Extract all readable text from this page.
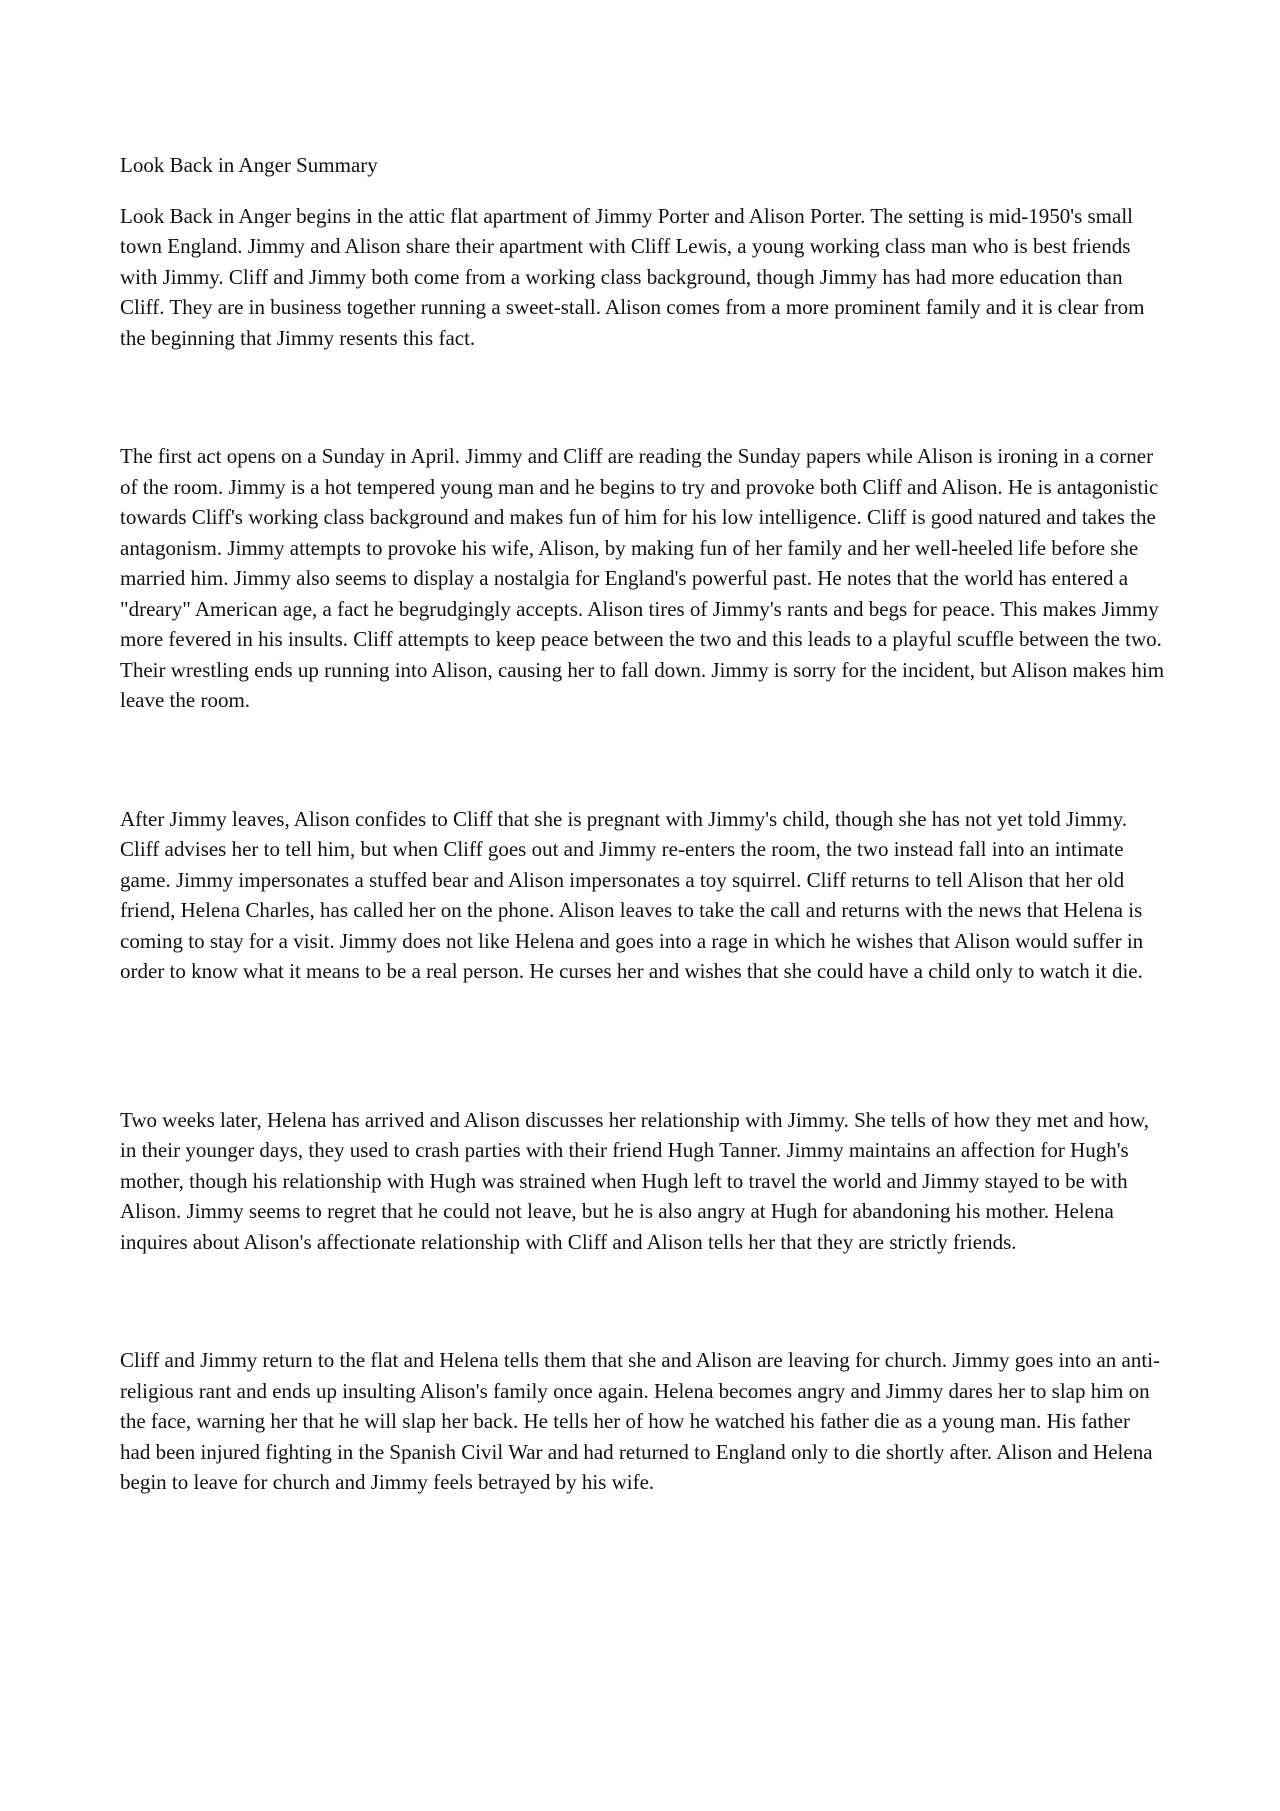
Look Back in Anger Summary

Look Back in Anger begins in the attic flat apartment of Jimmy Porter and Alison Porter. The setting is mid-1950's small town England. Jimmy and Alison share their apartment with Cliff Lewis, a young working class man who is best friends with Jimmy. Cliff and Jimmy both come from a working class background, though Jimmy has had more education than Cliff. They are in business together running a sweet-stall. Alison comes from a more prominent family and it is clear from the beginning that Jimmy resents this fact.

The first act opens on a Sunday in April. Jimmy and Cliff are reading the Sunday papers while Alison is ironing in a corner of the room. Jimmy is a hot tempered young man and he begins to try and provoke both Cliff and Alison. He is antagonistic towards Cliff's working class background and makes fun of him for his low intelligence. Cliff is good natured and takes the antagonism. Jimmy attempts to provoke his wife, Alison, by making fun of her family and her well-heeled life before she married him. Jimmy also seems to display a nostalgia for England's powerful past. He notes that the world has entered a "dreary" American age, a fact he begrudgingly accepts. Alison tires of Jimmy's rants and begs for peace. This makes Jimmy more fevered in his insults. Cliff attempts to keep peace between the two and this leads to a playful scuffle between the two. Their wrestling ends up running into Alison, causing her to fall down. Jimmy is sorry for the incident, but Alison makes him leave the room.

After Jimmy leaves, Alison confides to Cliff that she is pregnant with Jimmy's child, though she has not yet told Jimmy. Cliff advises her to tell him, but when Cliff goes out and Jimmy re-enters the room, the two instead fall into an intimate game. Jimmy impersonates a stuffed bear and Alison impersonates a toy squirrel. Cliff returns to tell Alison that her old friend, Helena Charles, has called her on the phone. Alison leaves to take the call and returns with the news that Helena is coming to stay for a visit. Jimmy does not like Helena and goes into a rage in which he wishes that Alison would suffer in order to know what it means to be a real person. He curses her and wishes that she could have a child only to watch it die.

Two weeks later, Helena has arrived and Alison discusses her relationship with Jimmy. She tells of how they met and how, in their younger days, they used to crash parties with their friend Hugh Tanner. Jimmy maintains an affection for Hugh's mother, though his relationship with Hugh was strained when Hugh left to travel the world and Jimmy stayed to be with Alison. Jimmy seems to regret that he could not leave, but he is also angry at Hugh for abandoning his mother. Helena inquires about Alison's affectionate relationship with Cliff and Alison tells her that they are strictly friends.

Cliff and Jimmy return to the flat and Helena tells them that she and Alison are leaving for church. Jimmy goes into an anti-religious rant and ends up insulting Alison's family once again. Helena becomes angry and Jimmy dares her to slap him on the face, warning her that he will slap her back. He tells her of how he watched his father die as a young man. His father had been injured fighting in the Spanish Civil War and had returned to England only to die shortly after. Alison and Helena begin to leave for church and Jimmy feels betrayed by his wife.
